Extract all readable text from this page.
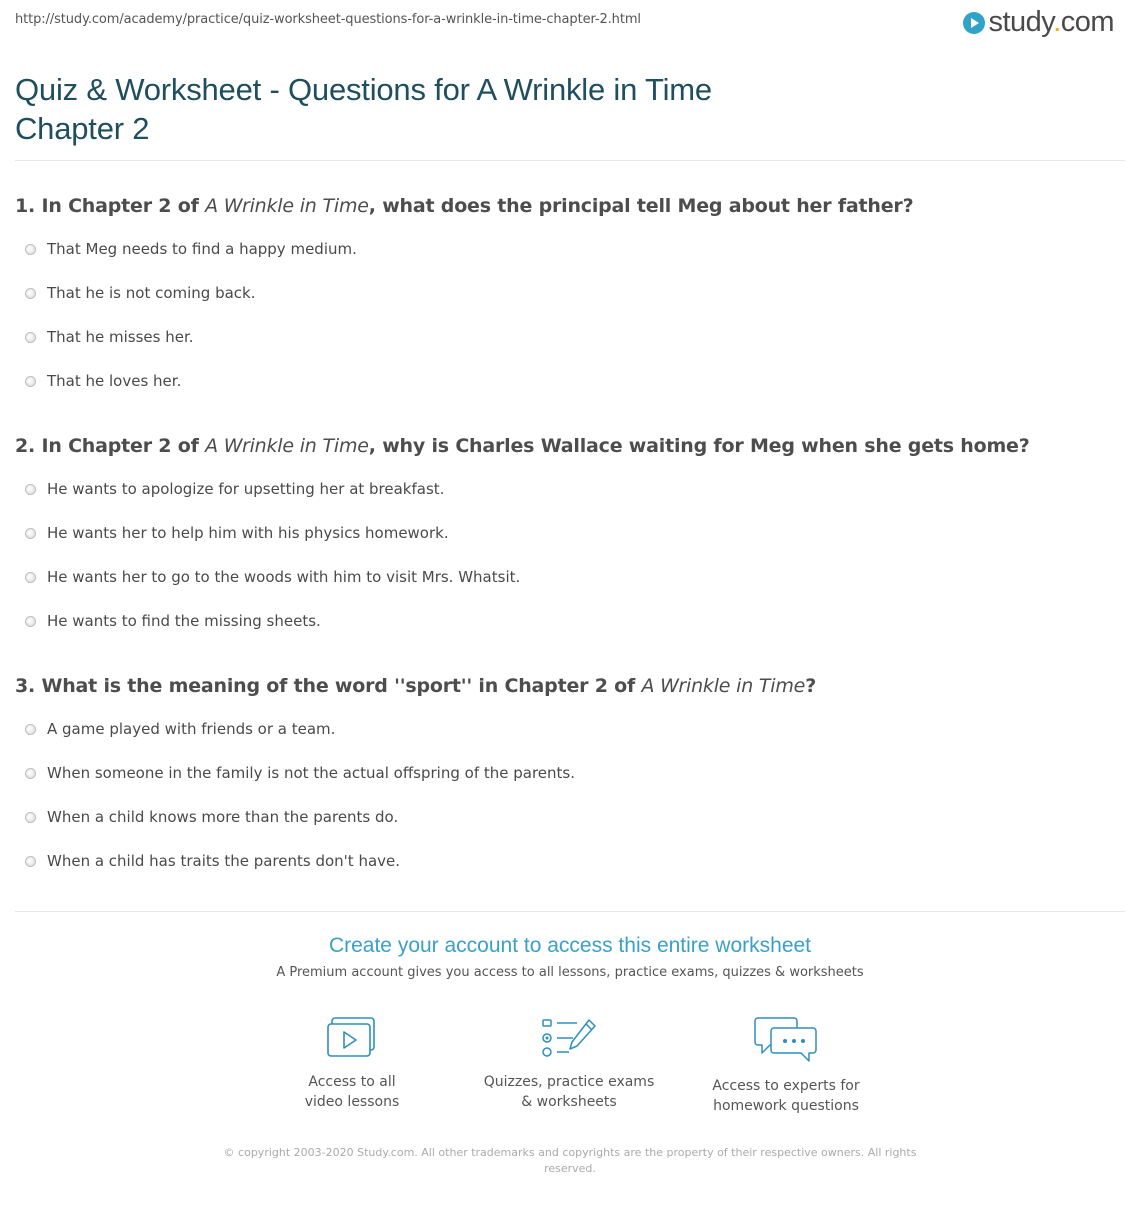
http://study.com/academy/practice/quiz-worksheet-questions-for-a-wrinkle-in-time-chapter-2.html	study.com
Quiz & Worksheet - Questions for A Wrinkle in Time Chapter 2

1. In Chapter 2 of A Wrinkle in Time, what does the principal tell Meg about her father?

That Meg needs to find a happy medium.
That he is not coming back.
That he misses her.
That he loves her.

2. In Chapter 2 of A Wrinkle in Time, why is Charles Wallace waiting for Meg when she gets home?

He wants to apologize for upsetting her at breakfast.
He wants her to help him with his physics homework.
He wants her to go to the woods with him to visit Mrs. Whatsit.
He wants to find the missing sheets.

3. What is the meaning of the word ''sport'' in Chapter 2 of A Wrinkle in Time?

A game played with friends or a team.
When someone in the family is not the actual offspring of the parents.
When a child knows more than the parents do.
When a child has traits the parents don't have.
Create your account to access this entire worksheet
A Premium account gives you access to all lessons, practice exams, quizzes & worksheets
Access to all
video lessons
Quizzes, practice exams
& worksheets
Access to experts for
homework questions
© copyright 2003-2020 Study.com. All other trademarks and copyrights are the property of their respective owners. All rights reserved.
